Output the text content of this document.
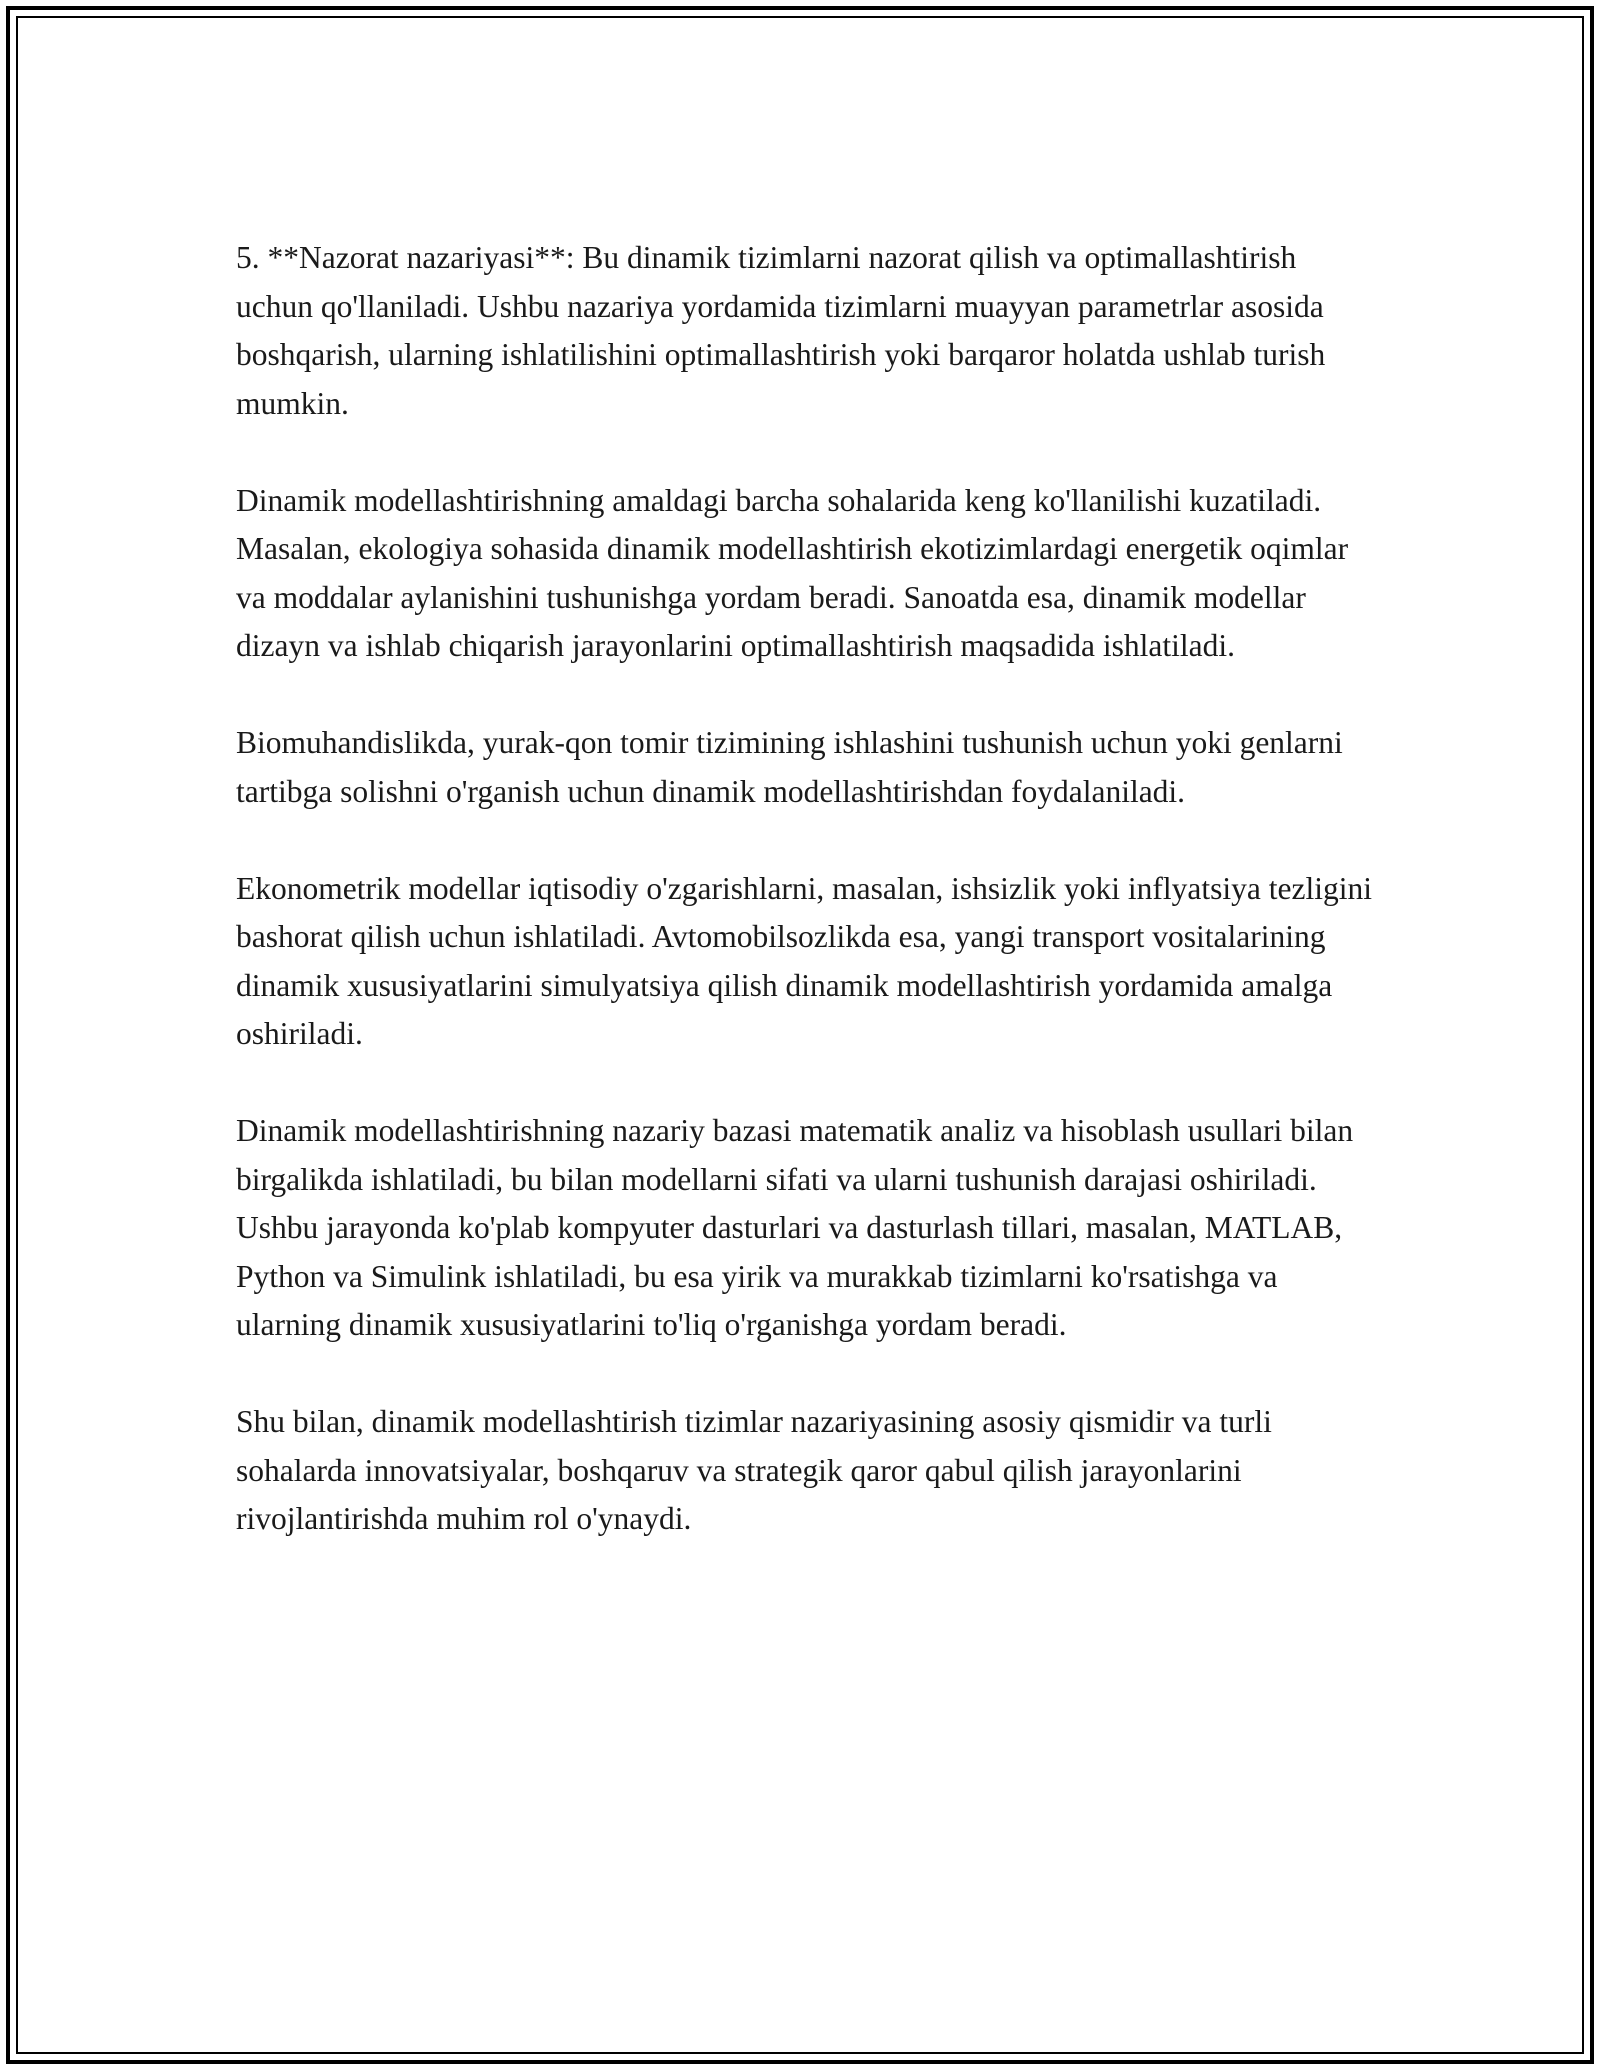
5. **Nazorat nazariyasi**: Bu dinamik tizimlarni nazorat qilish va optimallashtirish uchun qo'llaniladi. Ushbu nazariya yordamida tizimlarni muayyan parametrlar asosida boshqarish, ularning ishlatilishini optimallashtirish yoki barqaror holatda ushlab turish mumkin.

Dinamik modellashtirishning amaldagi barcha sohalarida keng ko'llanilishi kuzatiladi. Masalan, ekologiya sohasida dinamik modellashtirish ekotizimlardagi energetik oqimlar va moddalar aylanishini tushunishga yordam beradi. Sanoatda esa, dinamik modellar dizayn va ishlab chiqarish jarayonlarini optimallashtirish maqsadida ishlatiladi.

Biomuhandislikda, yurak-qon tomir tizimining ishlashini tushunish uchun yoki genlarni tartibga solishni o'rganish uchun dinamik modellashtirishdan foydalaniladi.

Ekonometrik modellar iqtisodiy o'zgarishlarni, masalan, ishsizlik yoki inflyatsiya tezligini bashorat qilish uchun ishlatiladi. Avtomobilsozlikda esa, yangi transport vositalarining dinamik xususiyatlarini simulyatsiya qilish dinamik modellashtirish yordamida amalga oshiriladi.

Dinamik modellashtirishning nazariy bazasi matematik analiz va hisoblash usullari bilan birgalikda ishlatiladi, bu bilan modellarni sifati va ularni tushunish darajasi oshiriladi. Ushbu jarayonda ko'plab kompyuter dasturlari va dasturlash tillari, masalan, MATLAB, Python va Simulink ishlatiladi, bu esa yirik va murakkab tizimlarni ko'rsatishga va ularning dinamik xususiyatlarini to'liq o'rganishga yordam beradi.

Shu bilan, dinamik modellashtirish tizimlar nazariyasining asosiy qismidir va turli sohalarda innovatsiyalar, boshqaruv va strategik qaror qabul qilish jarayonlarini rivojlantirishda muhim rol o'ynaydi.
